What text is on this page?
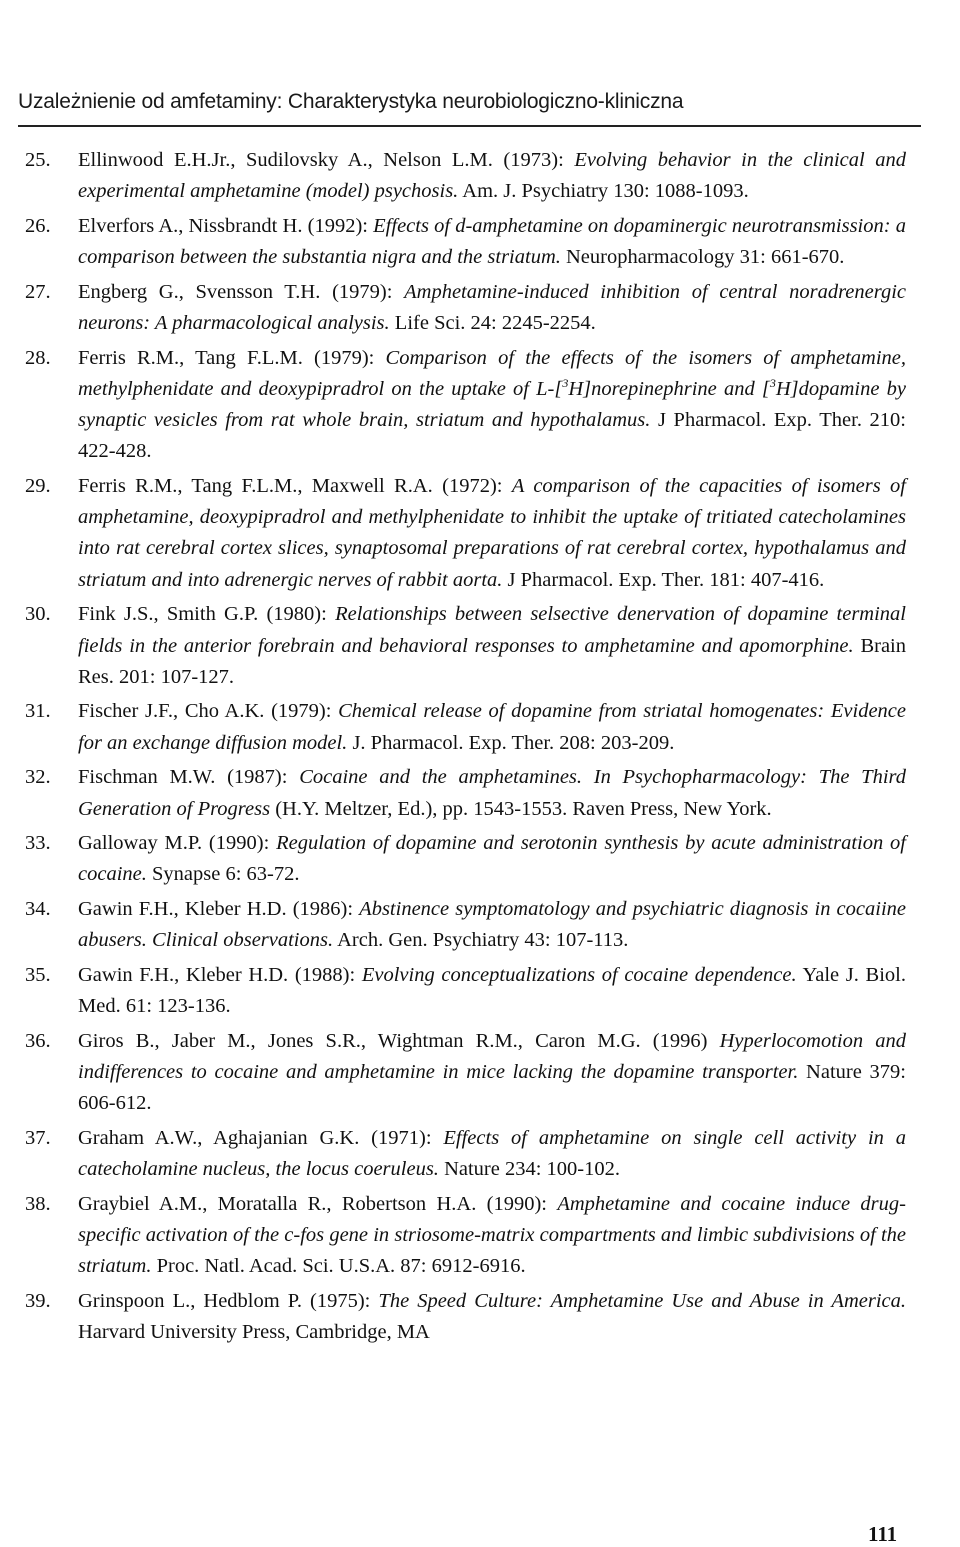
Uzależnienie od amfetaminy: Charakterystyka neurobiologiczno-kliniczna
25.	Ellinwood E.H.Jr., Sudilovsky A., Nelson L.M. (1973): Evolving behavior in the clinical and experimental amphetamine (model) psychosis. Am. J. Psychiatry 130: 1088-1093.
26.	Elverfors A., Nissbrandt H. (1992): Effects of d-amphetamine on dopaminergic neurotransmission: a comparison between the substantia nigra and the striatum. Neuropharmacology 31: 661-670.
27.	Engberg G., Svensson T.H. (1979): Amphetamine-induced inhibition of central noradrenergic neurons: A pharmacological analysis. Life Sci. 24: 2245-2254.
28.	Ferris R.M., Tang F.L.M. (1979): Comparison of the effects of the isomers of amphetamine, methylphenidate and deoxypipradrol on the uptake of L-[$^3$H]norepinephrine and [$^3$H]dopamine by synaptic vesicles from rat whole brain, striatum and hypothalamus. J Pharmacol. Exp. Ther. 210: 422-428.
29.	Ferris R.M., Tang F.L.M., Maxwell R.A. (1972): A comparison of the capacities of isomers of amphetamine, deoxypipradrol and methylphenidate to inhibit the uptake of tritiated catecholamines into rat cerebral cortex slices, synaptosomal preparations of rat cerebral cortex, hypothalamus and striatum and into adrenergic nerves of rabbit aorta. J Pharmacol. Exp. Ther. 181: 407-416.
30.	Fink J.S., Smith G.P. (1980): Relationships between selsective denervation of dopamine terminal fields in the anterior forebrain and behavioral responses to amphetamine and apomorphine. Brain Res. 201: 107-127.
31.	Fischer J.F., Cho A.K. (1979): Chemical release of dopamine from striatal homogenates: Evidence for an exchange diffusion model. J. Pharmacol. Exp. Ther. 208: 203-209.
32.	Fischman M.W. (1987): Cocaine and the amphetamines. In Psychopharmacology: The Third Generation of Progress (H.Y. Meltzer, Ed.), pp. 1543-1553. Raven Press, New York.
33.	Galloway M.P. (1990): Regulation of dopamine and serotonin synthesis by acute administration of cocaine. Synapse 6: 63-72.
34.	Gawin F.H., Kleber H.D. (1986): Abstinence symptomatology and psychiatric diagnosis in cocaiine abusers. Clinical observations. Arch. Gen. Psychiatry 43: 107-113.
35.	Gawin F.H., Kleber H.D. (1988): Evolving conceptualizations of cocaine dependence. Yale J. Biol. Med. 61: 123-136.
36.	Giros B., Jaber M., Jones S.R., Wightman R.M., Caron M.G. (1996) Hyperlocomotion and indifferences to cocaine and amphetamine in mice lacking the dopamine transporter. Nature 379: 606-612.
37.	Graham A.W., Aghajanian G.K. (1971): Effects of amphetamine on single cell activity in a catecholamine nucleus, the locus coeruleus. Nature 234: 100-102.
38.	Graybiel A.M., Moratalla R., Robertson H.A. (1990): Amphetamine and cocaine induce drug-specific activation of the c-fos gene in striosome-matrix compartments and limbic subdivisions of the striatum. Proc. Natl. Acad. Sci. U.S.A. 87: 6912-6916.
39.	Grinspoon L., Hedblom P. (1975): The Speed Culture: Amphetamine Use and Abuse in America. Harvard University Press, Cambridge, MA
111
